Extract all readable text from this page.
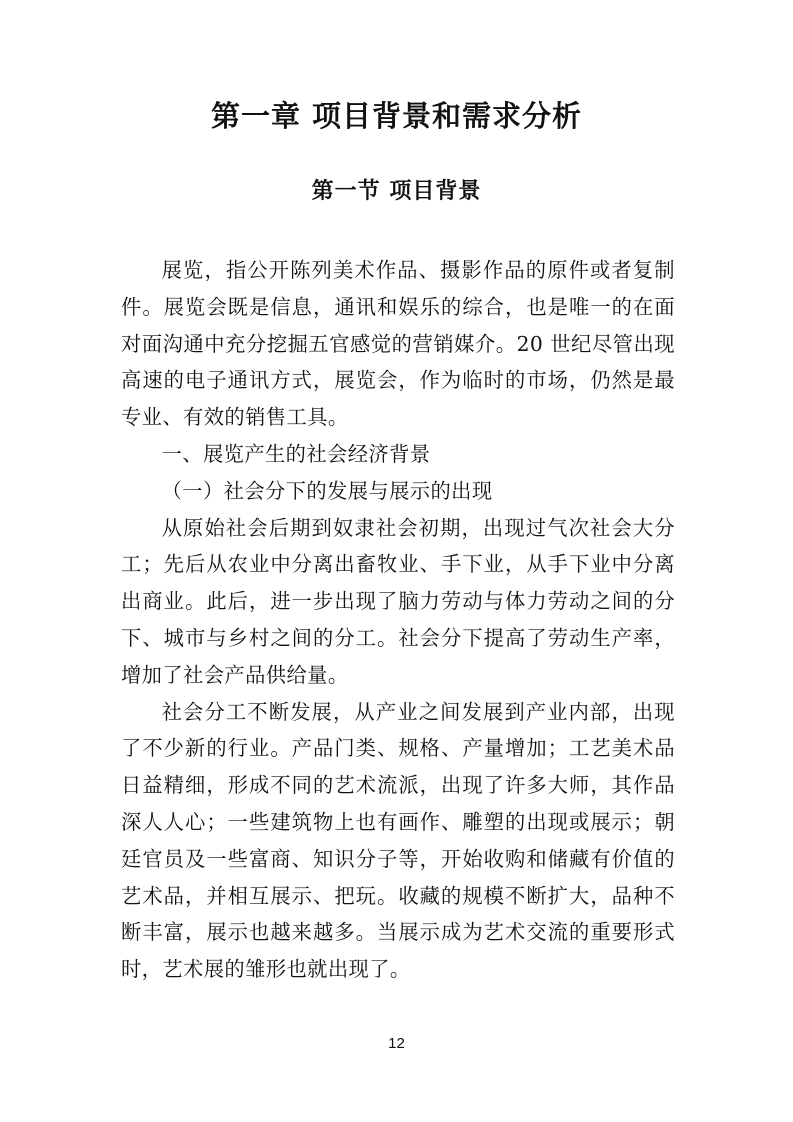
第一章 项目背景和需求分析
第一节 项目背景

展览，指公开陈列美术作品、摄影作品的原件或者复制件。展览会既是信息，通讯和娱乐的综合，也是唯一的在面对面沟通中充分挖掘五官感觉的营销媒介。20 世纪尽管出现高速的电子通讯方式，展览会，作为临时的市场，仍然是最专业、有效的销售工具。

一、展览产生的社会经济背景

（一）社会分下的发展与展示的出现

从原始社会后期到奴隶社会初期，出现过气次社会大分工；先后从农业中分离出畜牧业、手下业，从手下业中分离出商业。此后，进一步出现了脑力劳动与体力劳动之间的分下、城市与乡村之间的分工。社会分下提高了劳动生产率，增加了社会产品供给量。

社会分工不断发展，从产业之间发展到产业内部，出现了不少新的行业。产品门类、规格、产量增加；工艺美术品日益精细，形成不同的艺术流派，出现了许多大师，其作品深人人心；一些建筑物上也有画作、雕塑的出现或展示；朝廷官员及一些富商、知识分子等，开始收购和储藏有价值的艺术品，并相互展示、把玩。收藏的规模不断扩大，品种不断丰富，展示也越来越多。当展示成为艺术交流的重要形式时，艺术展的雏形也就出现了。

12
